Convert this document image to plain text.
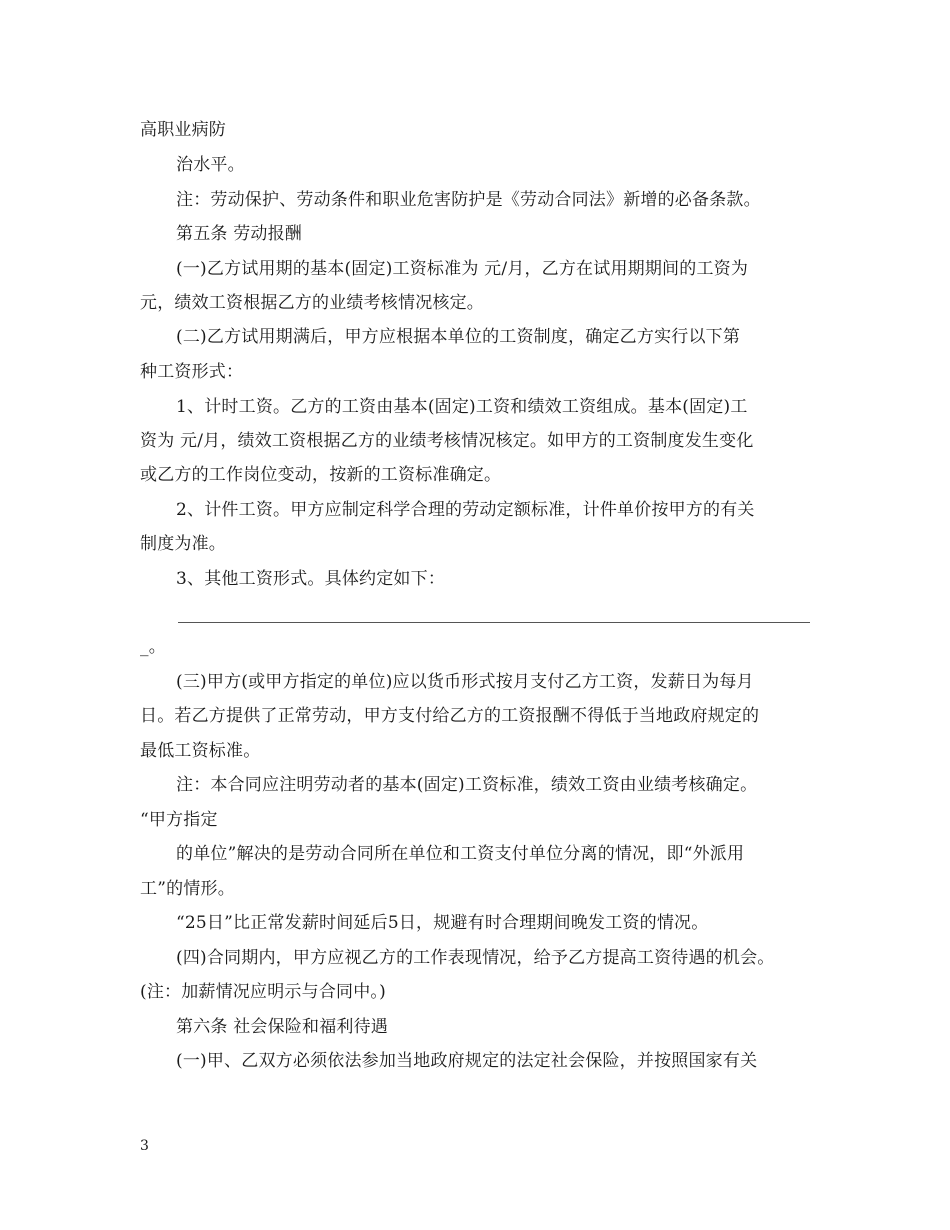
高职业病防
治水平。
注：劳动保护、劳动条件和职业危害防护是《劳动合同法》新增的必备条款。
第五条 劳动报酬
(一)乙方试用期的基本(固定)工资标准为 元/月，乙方在试用期期间的工资为
元，绩效工资根据乙方的业绩考核情况核定。
(二)乙方试用期满后，甲方应根据本单位的工资制度，确定乙方实行以下第
种工资形式：
1、计时工资。乙方的工资由基本(固定)工资和绩效工资组成。基本(固定)工
资为 元/月，绩效工资根据乙方的业绩考核情况核定。如甲方的工资制度发生变化
或乙方的工作岗位变动，按新的工资标准确定。
2、计件工资。甲方应制定科学合理的劳动定额标准，计件单价按甲方的有关
制度为准。
3、其他工资形式。具体约定如下：
_。
(三)甲方(或甲方指定的单位)应以货币形式按月支付乙方工资，发薪日为每月
日。若乙方提供了正常劳动，甲方支付给乙方的工资报酬不得低于当地政府规定的
最低工资标准。
注：本合同应注明劳动者的基本(固定)工资标准，绩效工资由业绩考核确定。
“甲方指定
的单位”解决的是劳动合同所在单位和工资支付单位分离的情况，即“外派用
工”的情形。
“25日”比正常发薪时间延后5日，规避有时合理期间晚发工资的情况。
(四)合同期内，甲方应视乙方的工作表现情况，给予乙方提高工资待遇的机会。
(注：加薪情况应明示与合同中。)
第六条 社会保险和福利待遇
(一)甲、乙双方必须依法参加当地政府规定的法定社会保险，并按照国家有关
3
